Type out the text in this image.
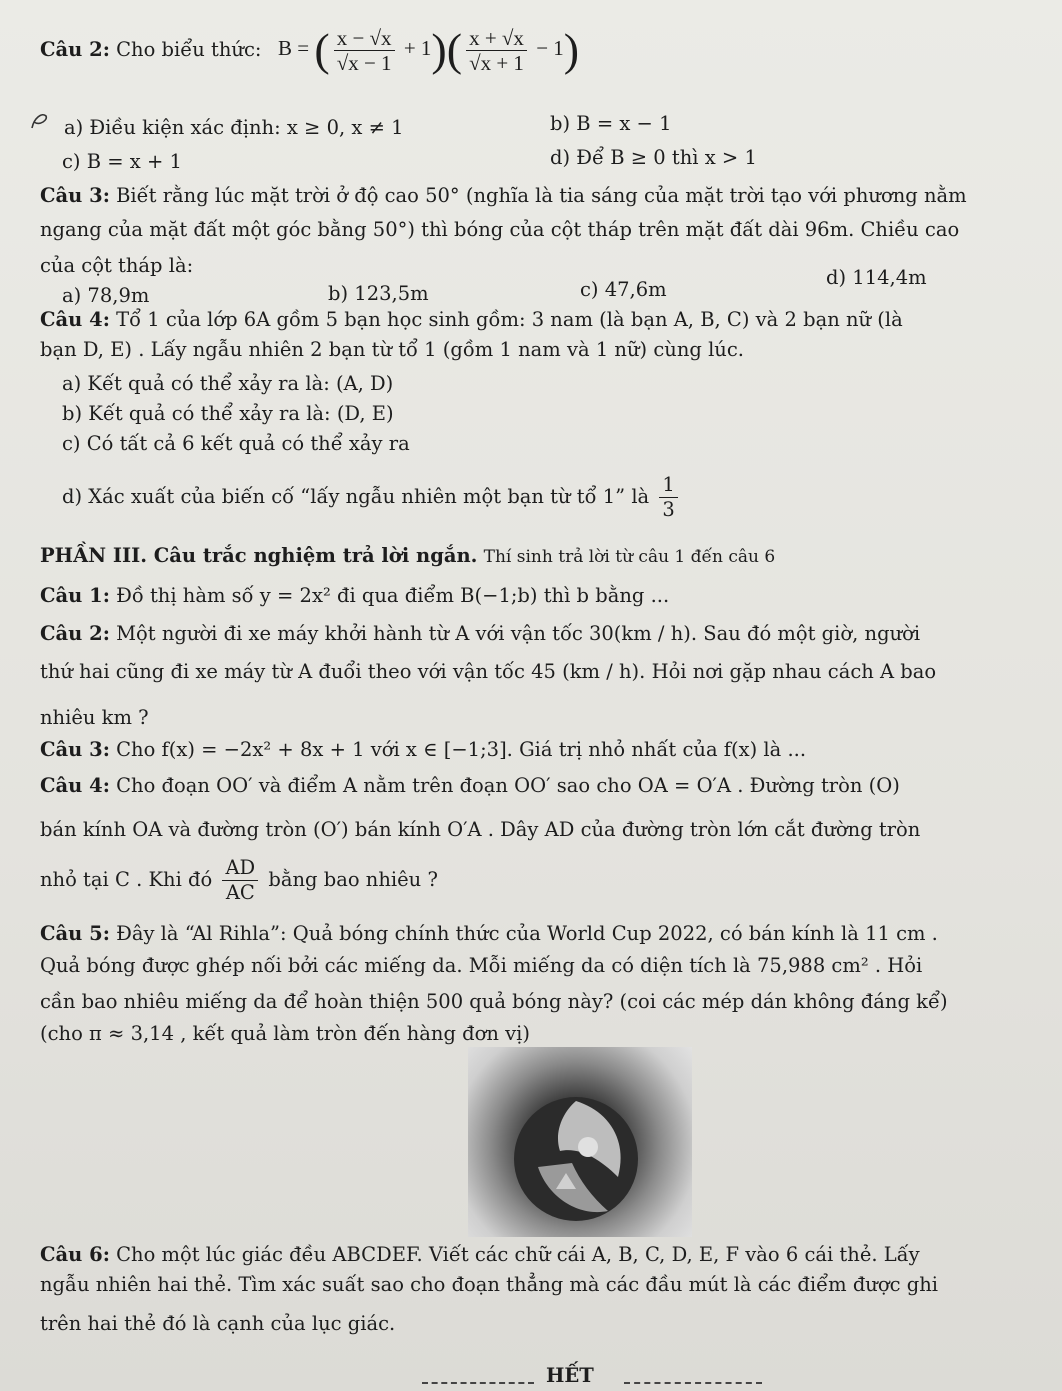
Câu 2: Cho biểu thức: B = ( $\frac{x - √x}{√x - 1} + 1)( \frac{x + √x}{√x + 1} - 1)$
a) Điều kiện xác định: x ≥ 0, x ≠ 1	b) B = x − 1
c) B = x + 1	d) Để B ≥ 0 thì x > 1
Câu 3: Biết rằng lúc mặt trời ở độ cao 50° (nghĩa là tia sáng của mặt trời tạo với phương nằm
ngang của mặt đất một góc bằng 50°) thì bóng của cột tháp trên mặt đất dài 96m. Chiều cao
của cột tháp là:
a) 78,9m	b) 123,5m	c) 47,6m
d) 114,4m
Câu 4: Tổ 1 của lớp 6A gồm 5 bạn học sinh gồm: 3 nam (là bạn A, B, C) và 2 bạn nữ (là
bạn D, E) . Lấy ngẫu nhiên 2 bạn từ tổ 1 (gồm 1 nam và 1 nữ) cùng lúc.
a) Kết quả có thể xảy ra là: (A, D)
b) Kết quả có thể xảy ra là: (D, E)
c) Có tất cả 6 kết quả có thể xảy ra
d) Xác xuất của biến cố “lấy ngẫu nhiên một bạn từ tổ 1” là $\frac{1}{3}$
PHẦN III. Câu trắc nghiệm trả lời ngắn. Thí sinh trả lời từ câu 1 đến câu 6
Câu 1: Đồ thị hàm số y = 2x² đi qua điểm B(−1;b) thì b bằng ...
Câu 2: Một người đi xe máy khởi hành từ A với vận tốc 30(km / h). Sau đó một giờ, người
thứ hai cũng đi xe máy từ A đuổi theo với vận tốc 45 (km / h). Hỏi nơi gặp nhau cách A bao
nhiêu km ?
Câu 3: Cho f(x) = −2x² + 8x + 1 với x ∈ [−1;3]. Giá trị nhỏ nhất của f(x) là ...
Câu 4: Cho đoạn OO′ và điểm A nằm trên đoạn OO′ sao cho OA = O′A . Đường tròn (O)
bán kính OA và đường tròn (O′) bán kính O′A . Dây AD của đường tròn lớn cắt đường tròn
nhỏ tại C . Khi đó $\frac{AD}{AC}$ bằng bao nhiêu ?
Câu 5: Đây là “Al Rihla”: Quả bóng chính thức của World Cup 2022, có bán kính là 11 cm .
Quả bóng được ghép nối bởi các miếng da. Mỗi miếng da có diện tích là 75,988 cm² . Hỏi
cần bao nhiêu miếng da để hoàn thiện 500 quả bóng này? (coi các mép dán không đáng kể)
(cho π ≈ 3,14 , kết quả làm tròn đến hàng đơn vị)
Câu 6: Cho một lúc giác đều ABCDEF. Viết các chữ cái A, B, C, D, E, F vào 6 cái thẻ. Lấy
ngẫu nhiên hai thẻ. Tìm xác suất sao cho đoạn thẳng mà các đầu mút là các điểm được ghi
trên hai thẻ đó là cạnh của lục giác.
HẾT
